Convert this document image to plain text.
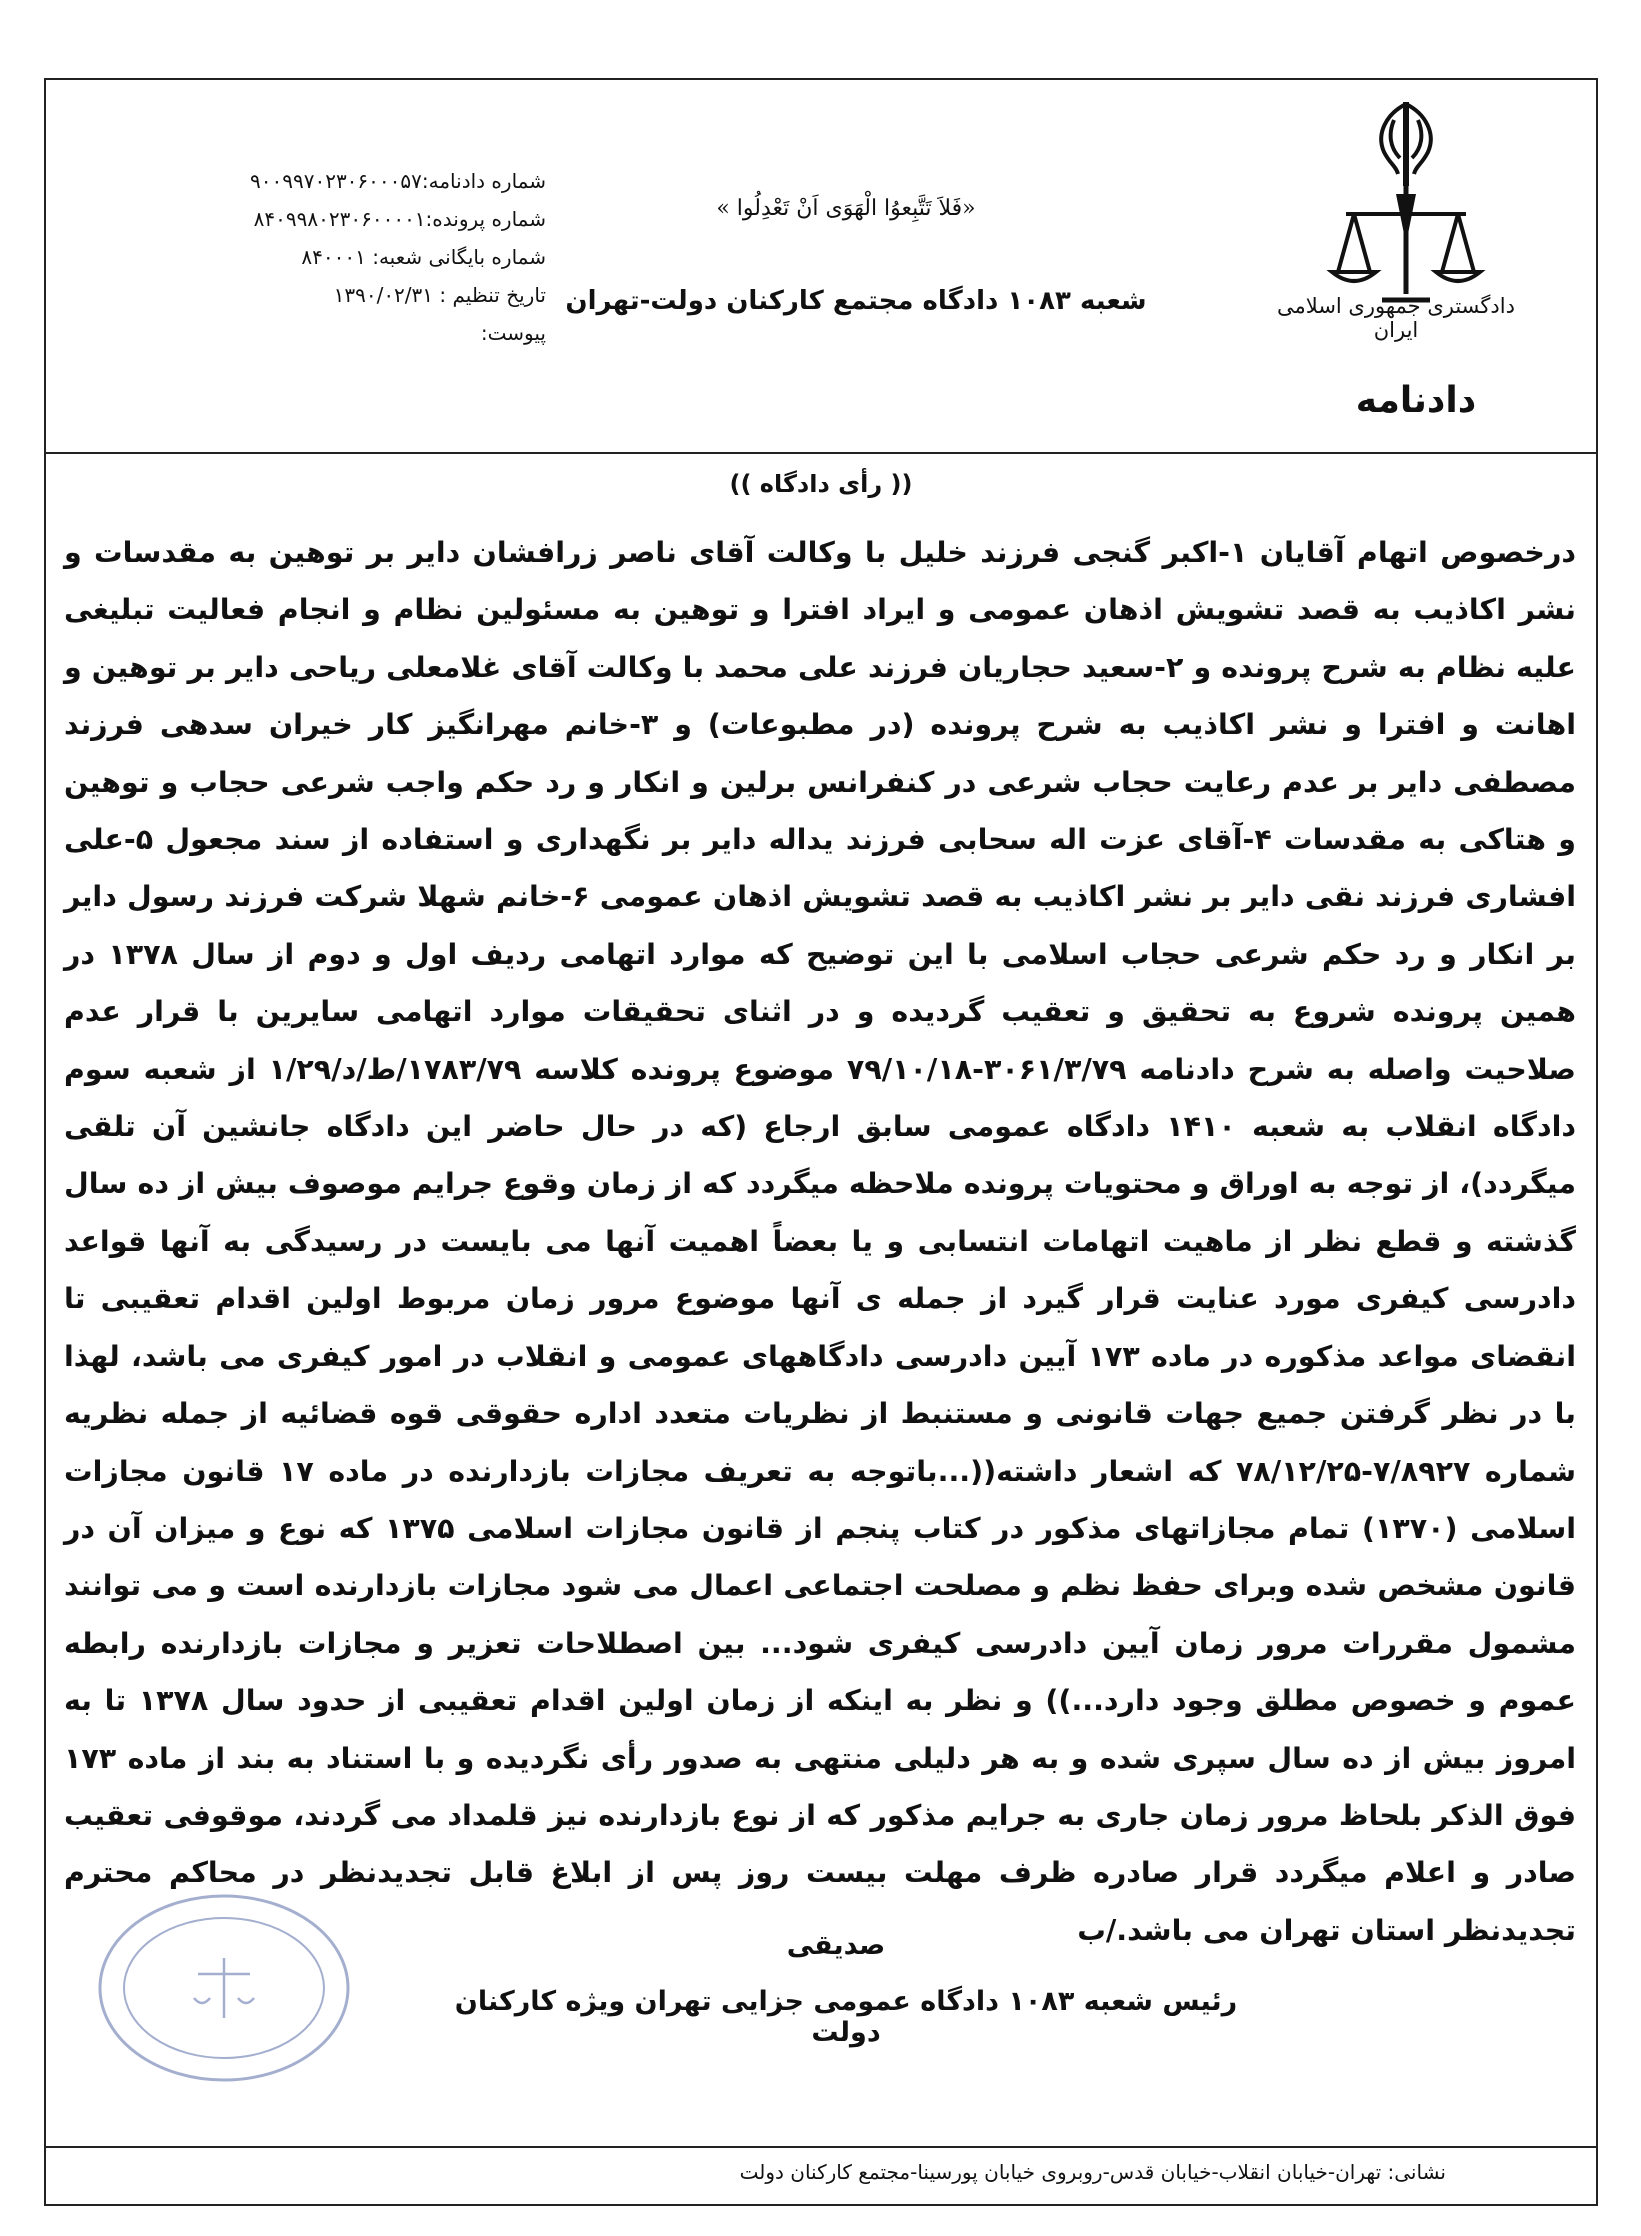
دادگستری جمهوری اسلامی ایران
دادنامه
«فَلاَ تَتَّبِعوُا الْهَوَی اَنْ تَعْدِلُوا »
شعبه ۱۰۸۳ دادگاه مجتمع کارکنان دولت-تهران
شماره دادنامه:۹۰۰۹۹۷۰۲۳۰۶۰۰۰۵۷
شماره پرونده:۸۴۰۹۹۸۰۲۳۰۶۰۰۰۰۱
شماره بایگانی شعبه: ۸۴۰۰۰۱
تاریخ تنظیم : ۱۳۹۰/۰۲/۳۱
پیوست:
(( رأی دادگاه ))
درخصوص اتهام آقایان ۱-اکبر گنجی فرزند خلیل با وکالت آقای ناصر زرافشان دایر بر توهین به مقدسات و نشر اکاذیب به قصد تشویش اذهان عمومی و ایراد افترا و توهین به مسئولین نظام و انجام فعالیت تبلیغی علیه نظام به شرح پرونده و ۲-سعید حجاریان فرزند علی محمد با وکالت آقای غلامعلی ریاحی دایر بر توهین و اهانت و افترا و نشر اکاذیب به شرح پرونده (در مطبوعات) و ۳-خانم مهرانگیز کار خیران سدهی فرزند مصطفی دایر بر عدم رعایت حجاب شرعی در کنفرانس برلین و انکار و رد حکم واجب شرعی حجاب و توهین و هتاکی به مقدسات ۴-آقای عزت اله سحابی فرزند یداله دایر بر نگهداری و استفاده از سند مجعول ۵-علی افشاری فرزند نقی دایر بر نشر اکاذیب به قصد تشویش اذهان عمومی ۶-خانم شهلا شرکت فرزند رسول دایر بر انکار و رد حکم شرعی حجاب اسلامی با این توضیح که موارد اتهامی ردیف اول و دوم از سال ۱۳۷۸ در همین پرونده شروع به تحقیق و تعقیب گردیده و در اثنای تحقیقات موارد اتهامی سایرین با قرار عدم صلاحیت واصله به شرح دادنامه ۳۰۶۱/۳/۷۹-۷۹/۱۰/۱۸ موضوع پرونده کلاسه ۱۷۸۳/۷۹/ط/د/۱/۲۹ از شعبه سوم دادگاه انقلاب به شعبه ۱۴۱۰ دادگاه عمومی سابق ارجاع (که در حال حاضر این دادگاه جانشین آن تلقی میگردد)، از توجه به اوراق و محتویات پرونده ملاحظه میگردد که از زمان وقوع جرایم موصوف بیش از ده سال گذشته و قطع نظر از ماهیت اتهامات انتسابی و یا بعضاً اهمیت آنها می بایست در رسیدگی به آنها قواعد دادرسی کیفری مورد عنایت قرار گیرد از جمله ی آنها موضوع مرور زمان مربوط اولین اقدام تعقیبی تا انقضای مواعد مذکوره در ماده ۱۷۳ آیین دادرسی دادگاههای عمومی و انقلاب در امور کیفری می باشد، لهذا با در نظر گرفتن جمیع جهات قانونی و مستنبط از نظریات متعدد اداره حقوقی قوه قضائیه از جمله نظریه شماره ۷/۸۹۲۷-۷۸/۱۲/۲۵ که اشعار داشته((...باتوجه به تعریف مجازات بازدارنده در ماده ۱۷ قانون مجازات اسلامی (۱۳۷۰) تمام مجازاتهای مذکور در کتاب پنجم از قانون مجازات اسلامی ۱۳۷۵ که نوع و میزان آن در قانون مشخص شده وبرای حفظ نظم و مصلحت اجتماعی اعمال می شود مجازات بازدارنده است و می توانند مشمول مقررات مرور زمان آیین دادرسی کیفری شود... بین اصطلاحات تعزیر و مجازات بازدارنده رابطه عموم و خصوص مطلق وجود دارد...)) و نظر به اینکه از زمان اولین اقدام تعقیبی از حدود سال ۱۳۷۸ تا به امروز بیش از ده سال سپری شده و به هر دلیلی منتهی به صدور رأی نگردیده و با استناد به بند از ماده ۱۷۳ فوق الذکر بلحاظ مرور زمان جاری به جرایم مذکور که از نوع بازدارنده نیز قلمداد می گردند، موقوفی تعقیب صادر و اعلام میگردد قرار صادره ظرف مهلت بیست روز پس از ابلاغ قابل تجدیدنظر در محاکم محترم تجدیدنظر استان تهران می باشد./ب
صدیقی
رئیس شعبه ۱۰۸۳ دادگاه عمومی جزایی تهران ویژه کارکنان دولت
نشانی: تهران-خیابان انقلاب-خیابان قدس-روبروی خیابان پورسینا-مجتمع کارکنان دولت
